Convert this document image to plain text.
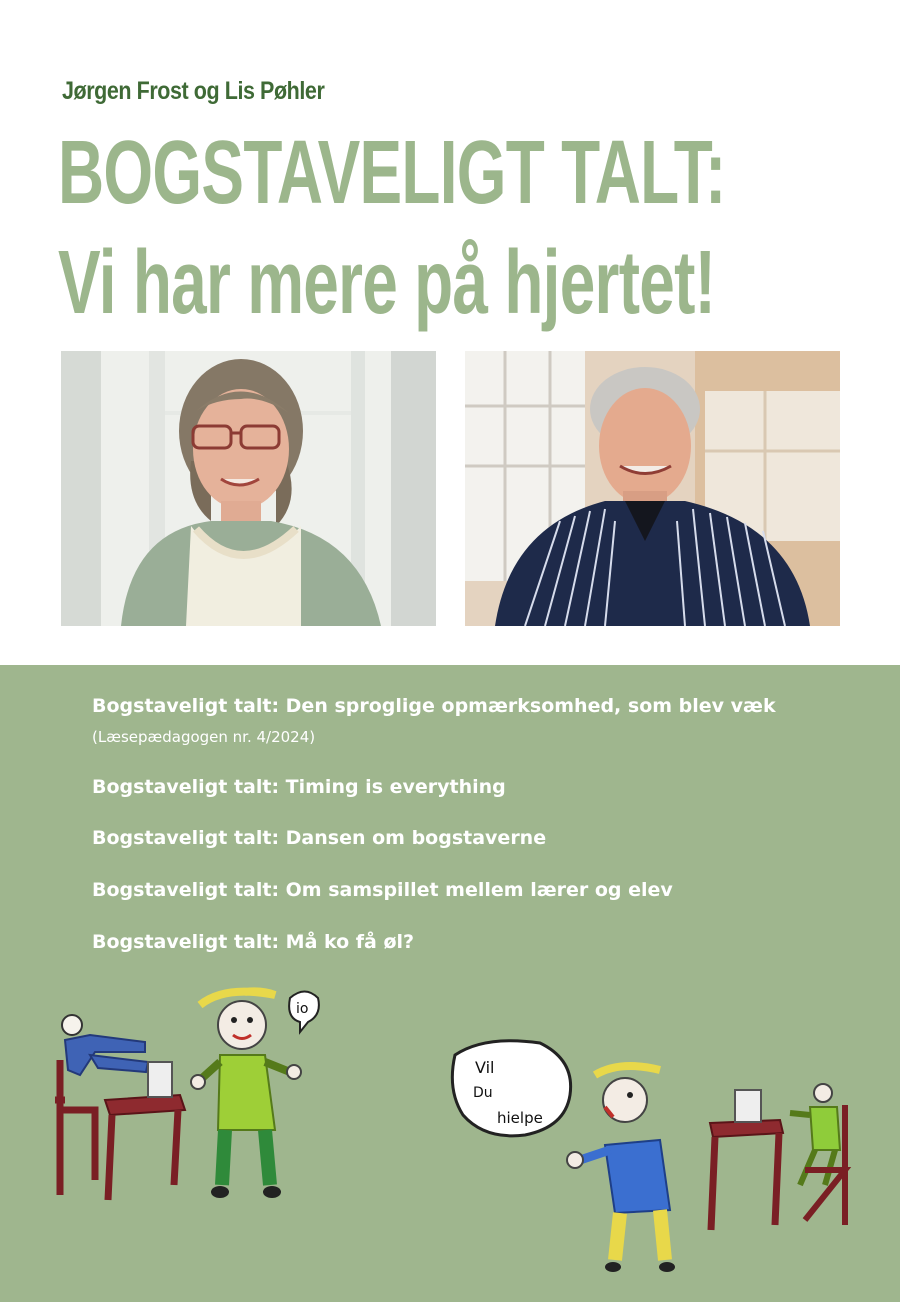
Jørgen Frost og Lis Pøhler
BOGSTAVELIGT TALT:
Vi har mere på hjertet!
Bogstaveligt talt: Den sproglige opmærksomhed, som blev væk
(Læsepædagogen nr. 4/2024)
Bogstaveligt talt: Timing is everything
Bogstaveligt talt: Dansen om bogstaverne
Bogstaveligt talt: Om samspillet mellem lærer og elev
Bogstaveligt talt: Må ko få øl?
io
Vil
Du
hielpe
